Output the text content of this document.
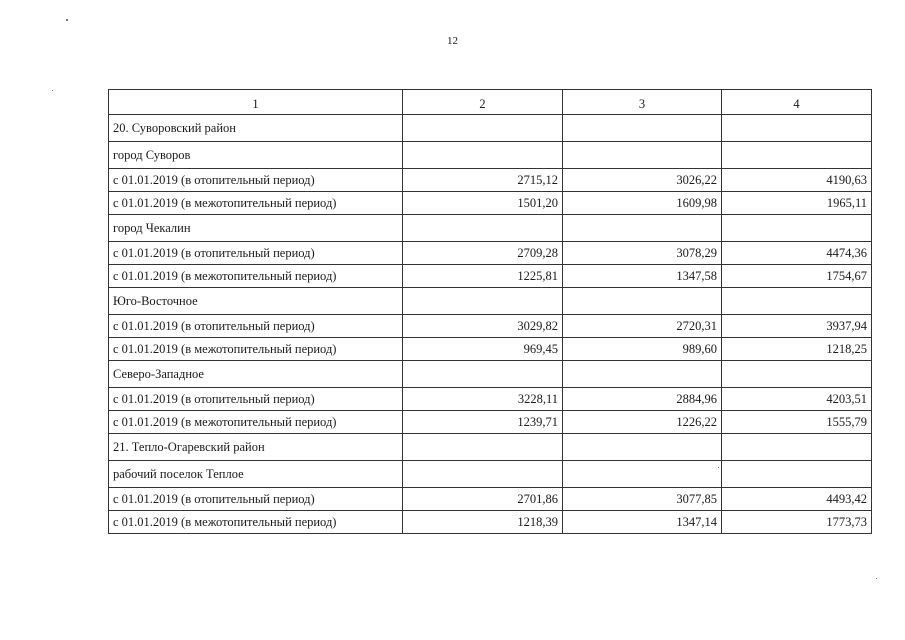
12
1	2	3	4
20. Суворовский район			
город Суворов			
с 01.01.2019 (в отопительный период)	2715,12	3026,22	4190,63
с 01.01.2019 (в межотопительный период)	1501,20	1609,98	1965,11
город Чекалин			
с 01.01.2019 (в отопительный период)	2709,28	3078,29	4474,36
с 01.01.2019 (в межотопительный период)	1225,81	1347,58	1754,67
Юго-Восточное			
с 01.01.2019 (в отопительный период)	3029,82	2720,31	3937,94
с 01.01.2019 (в межотопительный период)	969,45	989,60	1218,25
Северо-Западное			
с 01.01.2019 (в отопительный период)	3228,11	2884,96	4203,51
с 01.01.2019 (в межотопительный период)	1239,71	1226,22	1555,79
21. Тепло-Огаревский район			
рабочий поселок Теплое			
с 01.01.2019 (в отопительный период)	2701,86	3077,85	4493,42
с 01.01.2019 (в межотопительный период)	1218,39	1347,14	1773,73
